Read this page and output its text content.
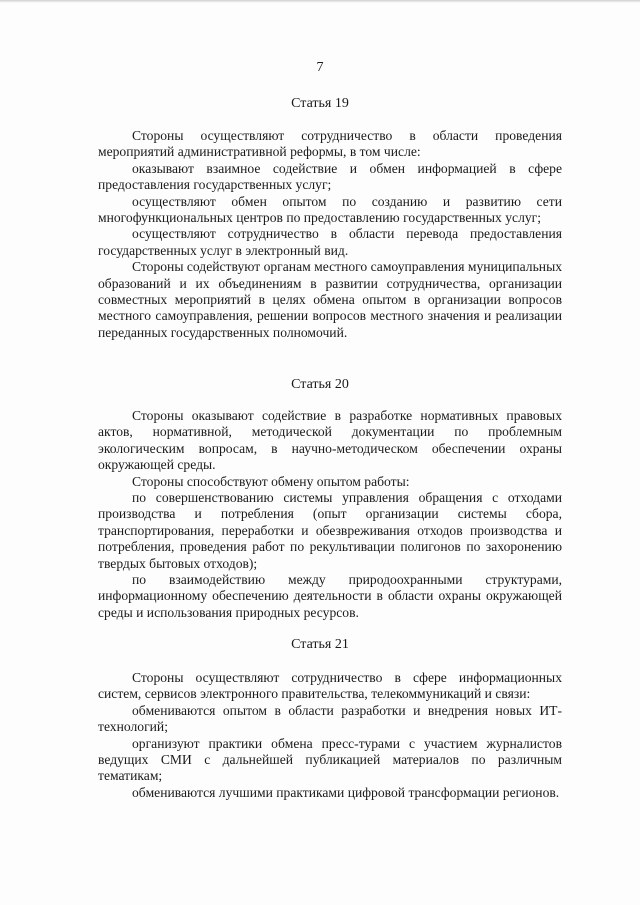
7
Статья 19

Стороны осуществляют сотрудничество в области проведения мероприятий административной реформы, в том числе:

оказывают взаимное содействие и обмен информацией в сфере предоставления государственных услуг;

осуществляют обмен опытом по созданию и развитию сети многофункциональных центров по предоставлению государственных услуг;

осуществляют сотрудничество в области перевода предоставления государственных услуг в электронный вид.

Стороны содействуют органам местного самоуправления муниципальных образований и их объединениям в развитии сотрудничества, организации совместных мероприятий в целях обмена опытом в организации вопросов местного самоуправления, решении вопросов местного значения и реализации переданных государственных полномочий.

Статья 20

Стороны оказывают содействие в разработке нормативных правовых актов, нормативной, методической документации по проблемным экологическим вопросам, в научно-методическом обеспечении охраны окружающей среды.

Стороны способствуют обмену опытом работы:

по совершенствованию системы управления обращения с отходами производства и потребления (опыт организации системы сбора, транспортирования, переработки и обезвреживания отходов производства и потребления, проведения работ по рекультивации полигонов по захоронению твердых бытовых отходов);

по взаимодействию между природоохранными структурами, информационному обеспечению деятельности в области охраны окружающей среды и использования природных ресурсов.

Статья 21

Стороны осуществляют сотрудничество в сфере информационных систем, сервисов электронного правительства, телекоммуникаций и связи:

обмениваются опытом в области разработки и внедрения новых ИТ-технологий;

организуют практики обмена пресс-турами с участием журналистов ведущих СМИ с дальнейшей публикацией материалов по различным тематикам;

обмениваются лучшими практиками цифровой трансформации регионов.
